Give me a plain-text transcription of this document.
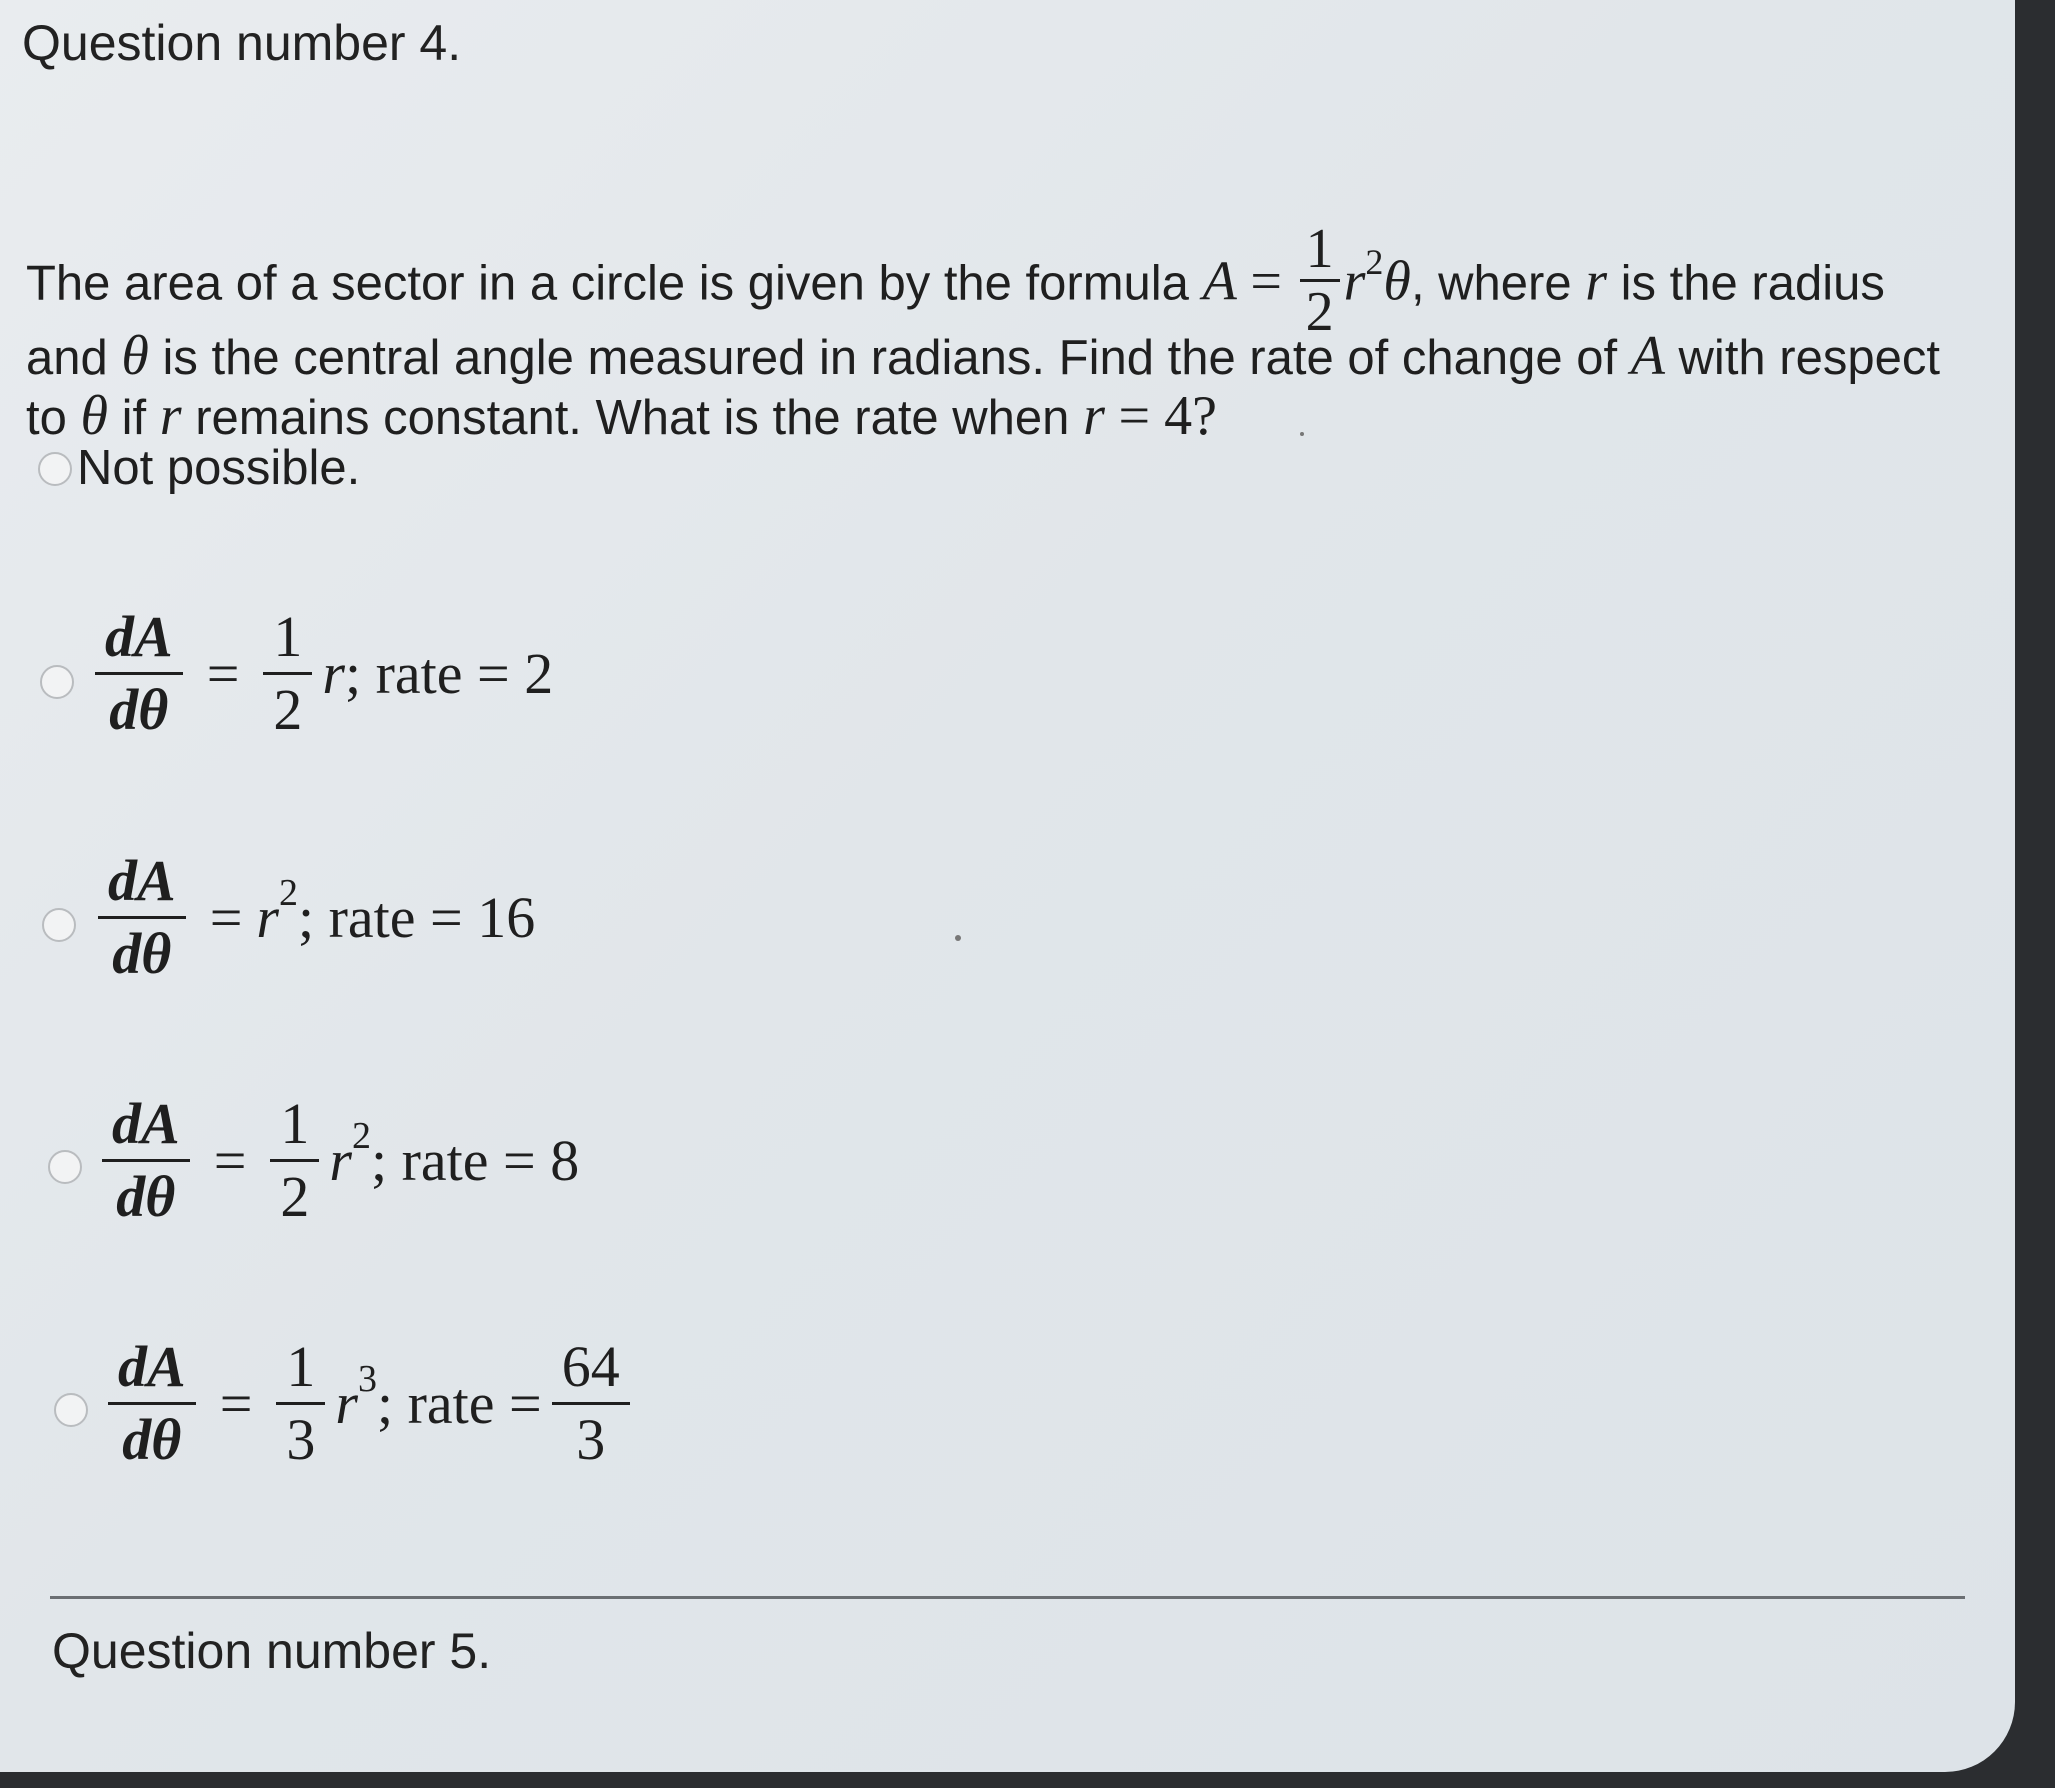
Question number 4.
The area of a sector in a circle is given by the formula $A = \frac{1}{2} r^2\theta$, where r is the radius
and θ is the central angle measured in radians. Find the rate of change of A with respect
to θ if r remains constant. What is the rate when r = 4?
Not possible.
$\frac{dA}{d\theta} = \frac{1}{2}$ r ; rate = 2
$\frac{dA}{d\theta} = r$ 2 ; rate = 16
$\frac{dA}{d\theta} = \frac{1}{2}$ r 2 ; rate = 8
$\frac{dA}{d\theta} = \frac{1}{3}$ r 3 ; rate = $\frac{64}{3}$
Question number 5.
